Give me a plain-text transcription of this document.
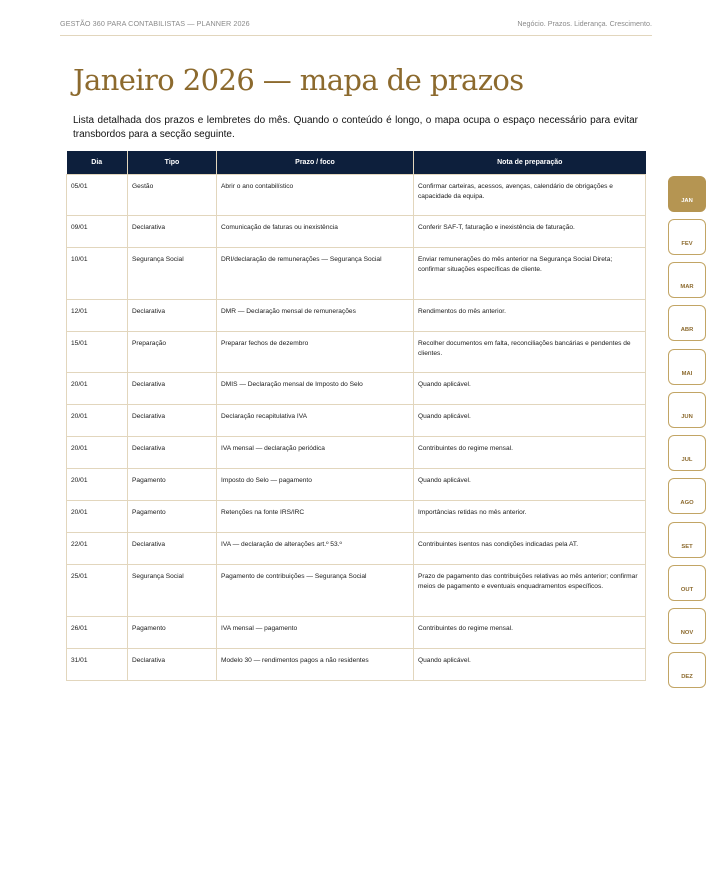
GESTÃO 360 PARA CONTABILISTAS — PLANNER 2026	Negócio. Prazos. Liderança. Crescimento.
Janeiro 2026 — mapa de prazos

Lista detalhada dos prazos e lembretes do mês. Quando o conteúdo é longo, o mapa ocupa o espaço necessário para evitar transbordos para a secção seguinte.

Dia	Tipo	Prazo / foco	Nota de preparação
05/01	Gestão	Abrir o ano contabilístico	Confirmar carteiras, acessos, avenças, calendário de obrigações e capacidade da equipa.
09/01	Declarativa	Comunicação de faturas ou inexistência	Conferir SAF-T, faturação e inexistência de faturação.
10/01	Segurança Social	DRI/declaração de remunerações — Segurança Social	Enviar remunerações do mês anterior na Segurança Social Direta; confirmar situações específicas de cliente.
12/01	Declarativa	DMR — Declaração mensal de remunerações	Rendimentos do mês anterior.
15/01	Preparação	Preparar fechos de dezembro	Recolher documentos em falta, reconciliações bancárias e pendentes de clientes.
20/01	Declarativa	DMIS — Declaração mensal de Imposto do Selo	Quando aplicável.
20/01	Declarativa	Declaração recapitulativa IVA	Quando aplicável.
20/01	Declarativa	IVA mensal — declaração periódica	Contribuintes do regime mensal.
20/01	Pagamento	Imposto do Selo — pagamento	Quando aplicável.
20/01	Pagamento	Retenções na fonte IRS/IRC	Importâncias retidas no mês anterior.
22/01	Declarativa	IVA — declaração de alterações art.º 53.º	Contribuintes isentos nas condições indicadas pela AT.
25/01	Segurança Social	Pagamento de contribuições — Segurança Social	Prazo de pagamento das contribuições relativas ao mês anterior; confirmar meios de pagamento e eventuais enquadramentos específicos.
26/01	Pagamento	IVA mensal — pagamento	Contribuintes do regime mensal.
31/01	Declarativa	Modelo 30 — rendimentos pagos a não residentes	Quando aplicável.
JAN
FEV
MAR
ABR
MAI
JUN
JUL
AGO
SET
OUT
NOV
DEZ
